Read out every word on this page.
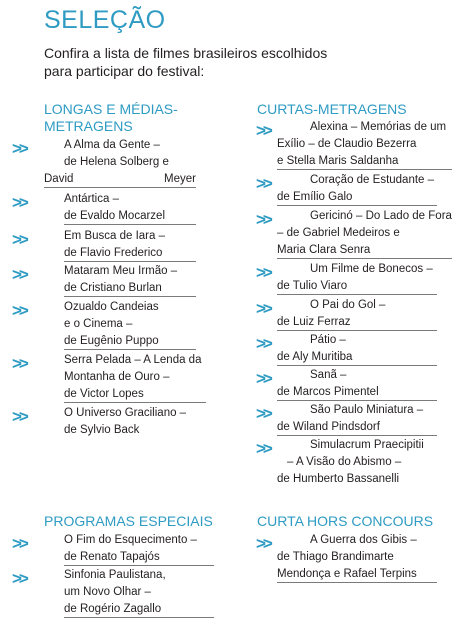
SELEÇÃO

Confira a lista de filmes brasileiros escolhidos
para participar do festival:

LONGAS E MÉDIAS-
METRAGENS
>>	A Alma da Gente –
de Helena Solberg e
David	Meyer
>>	Antártica –
de Evaldo Mocarzel
>>	Em Busca de Iara –
de Flavio Frederico
>>	Mataram Meu Irmão –
de Cristiano Burlan
>>	Ozualdo Candeias
e o Cinema –
de Eugênio Puppo
>>	Serra Pelada – A Lenda da
Montanha de Ouro –
de Victor Lopes
>>	O Universo Graciliano –
de Sylvio Back
CURTAS-METRAGENS
>>	Alexina – Memórias de um
Exílio – de Claudio Bezerra
e Stella Maris Saldanha
>>	Coração de Estudante –
de Emílio Galo
>>	Gericinó – Do Lado de Fora
– de Gabriel Medeiros e
Maria Clara Senra
>>	Um Filme de Bonecos –
de Tulio Viaro
>>	O Pai do Gol –
de Luiz Ferraz
>>	Pátio –
de Aly Muritiba
>>	Sanã –
de Marcos Pimentel
>>	São Paulo Miniatura –
de Wiland Pindsdorf
>>	Simulacrum Praecipitii
– A Visão do Abismo –
de Humberto Bassanelli
PROGRAMAS ESPECIAIS
>>	O Fim do Esquecimento –
de Renato Tapajós
>>	Sinfonia Paulistana,
um Novo Olhar –
de Rogério Zagallo
CURTA HORS CONCOURS
>>	A Guerra dos Gibis –
de Thiago Brandimarte
Mendonça e Rafael Terpins
